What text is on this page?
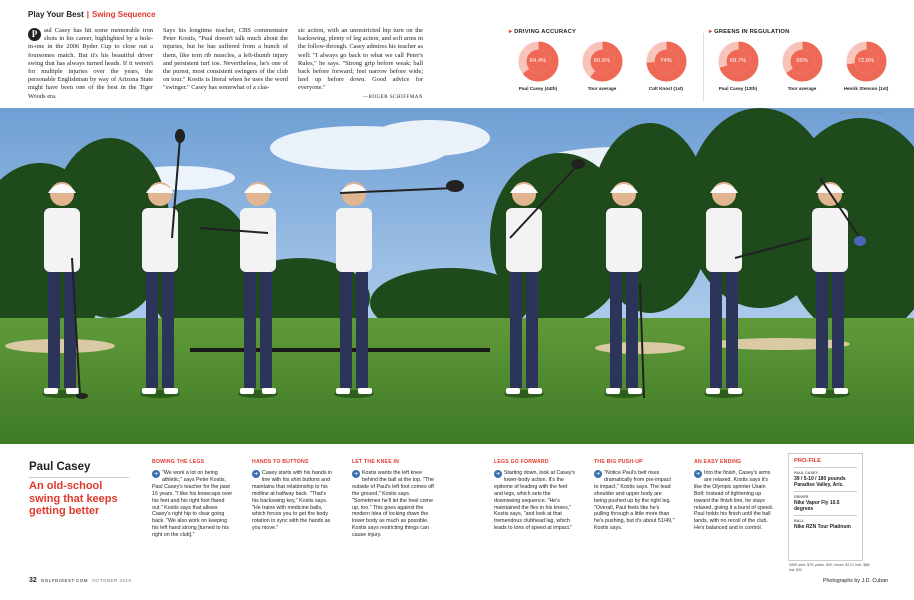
Play Your Best | Swing Sequence
P	aul Casey has hit some memorable iron shots in his career, highlighted by a hole-in-one in the 2006 Ryder Cup to close out a foursomes match. But it's his beautiful driver swing that has always turned heads. If it weren't for multiple injuries over the years, the personable Englishman by way of Arizona State might have been one of the best in the Tiger Woods era.
Says his longtime teacher, CBS commentator Peter Kostis, "Paul doesn't talk much about the injuries, but he has suffered from a bunch of them, like torn rib muscles, a left-thumb injury and persistent turf toe. Nevertheless, he's one of the purest, most consistent swingers of the club on tour." Kostis is literal when he uses the word "swinger." Casey has somewhat of a clas-
sic action, with an unrestricted hip turn on the backswing, plenty of leg action, and soft arms in the follow-through. Casey admires his teacher as well: "I always go back to what we call Peter's Rules," he says. "Strong grip before weak; ball back before forward; feet narrow before wide; heel up before down. Good advice for everyone."
—ROGER SCHIFFMAN
▸ DRIVING ACCURACY
64.4%
Paul Casey (44th)
60.5%
Tour average
74%
Colt Knost (1st)
▸ GREENS IN REGULATION
69.7%
Paul Casey (13th)
65%
Tour average
72.6%
Henrik Stenson (1st)
SOURCE: SHOTLINK
Paul Casey
An old-school swing that keeps getting better
BOWING THE LEGS
➜ "We work a lot on being athletic," says Peter Kostis, Paul Casey's teacher for the past 16 years. "I like his kneecaps over his feet and his right foot flared out." Kostis says that allows Casey's right hip to clear going back. "We also work on keeping his left hand strong [turned to his right on the club]."
HANDS TO BUTTONS
➜ Casey starts with his hands in line with his shirt buttons and maintains that relationship to his midline at halfway back. "That's his backswing key," Kostis says. "He trains with medicine balls, which forces you to get the body rotation in sync with the hands as you move."
LET THE KNEE IN
➜ Kostis wants the left knee behind the ball at the top. "The outside of Paul's left foot comes off the ground," Kostis says. "Sometimes he'll let the heel come up, too." This goes against the modern idea of locking down the lower body as much as possible. Kostis says restricting things can cause injury.
LEGS GO FORWARD
➜ Starting down, look at Casey's lower-body action. It's the epitome of leading with the feet and legs, which sets the downswing sequence. "He's maintained the flex in his knees," Kostis says, "and look at that tremendous clubhead lag, which leads to tons of speed at impact."
THE BIG PUSH-UP
➜ "Notice Paul's belt rises dramatically from pre-impact to impact," Kostis says. The lead shoulder and upper body are being pushed up by the right leg. "Overall, Paul feels like he's pulling through a little more than he's pushing, but it's about 51/49," Kostis says.
AN EASY ENDING
➜ Into the finish, Casey's arms are relaxed. Kostis says it's like the Olympic sprinter Usain Bolt: Instead of tightening up toward the finish line, he stays relaxed, giving it a burst of speed. Paul holds his finish until the ball lands, with no recoil of the club. He's balanced and in control.
PRO-FILE
PAUL CASEY
39 / 5-10 / 180 pounds Paradise Valley, Ariz.
DRIVER
Nike Vapor Fly 10.5 degrees
BALL
Nike RZN Tour Platinum
NIKE shirt, $75; pants, $90; shoes, $170; belt, $88; hat, $32
32 GOLFDIGEST.COM OCTOBER 2016	Photographs by J.D. Cuban
